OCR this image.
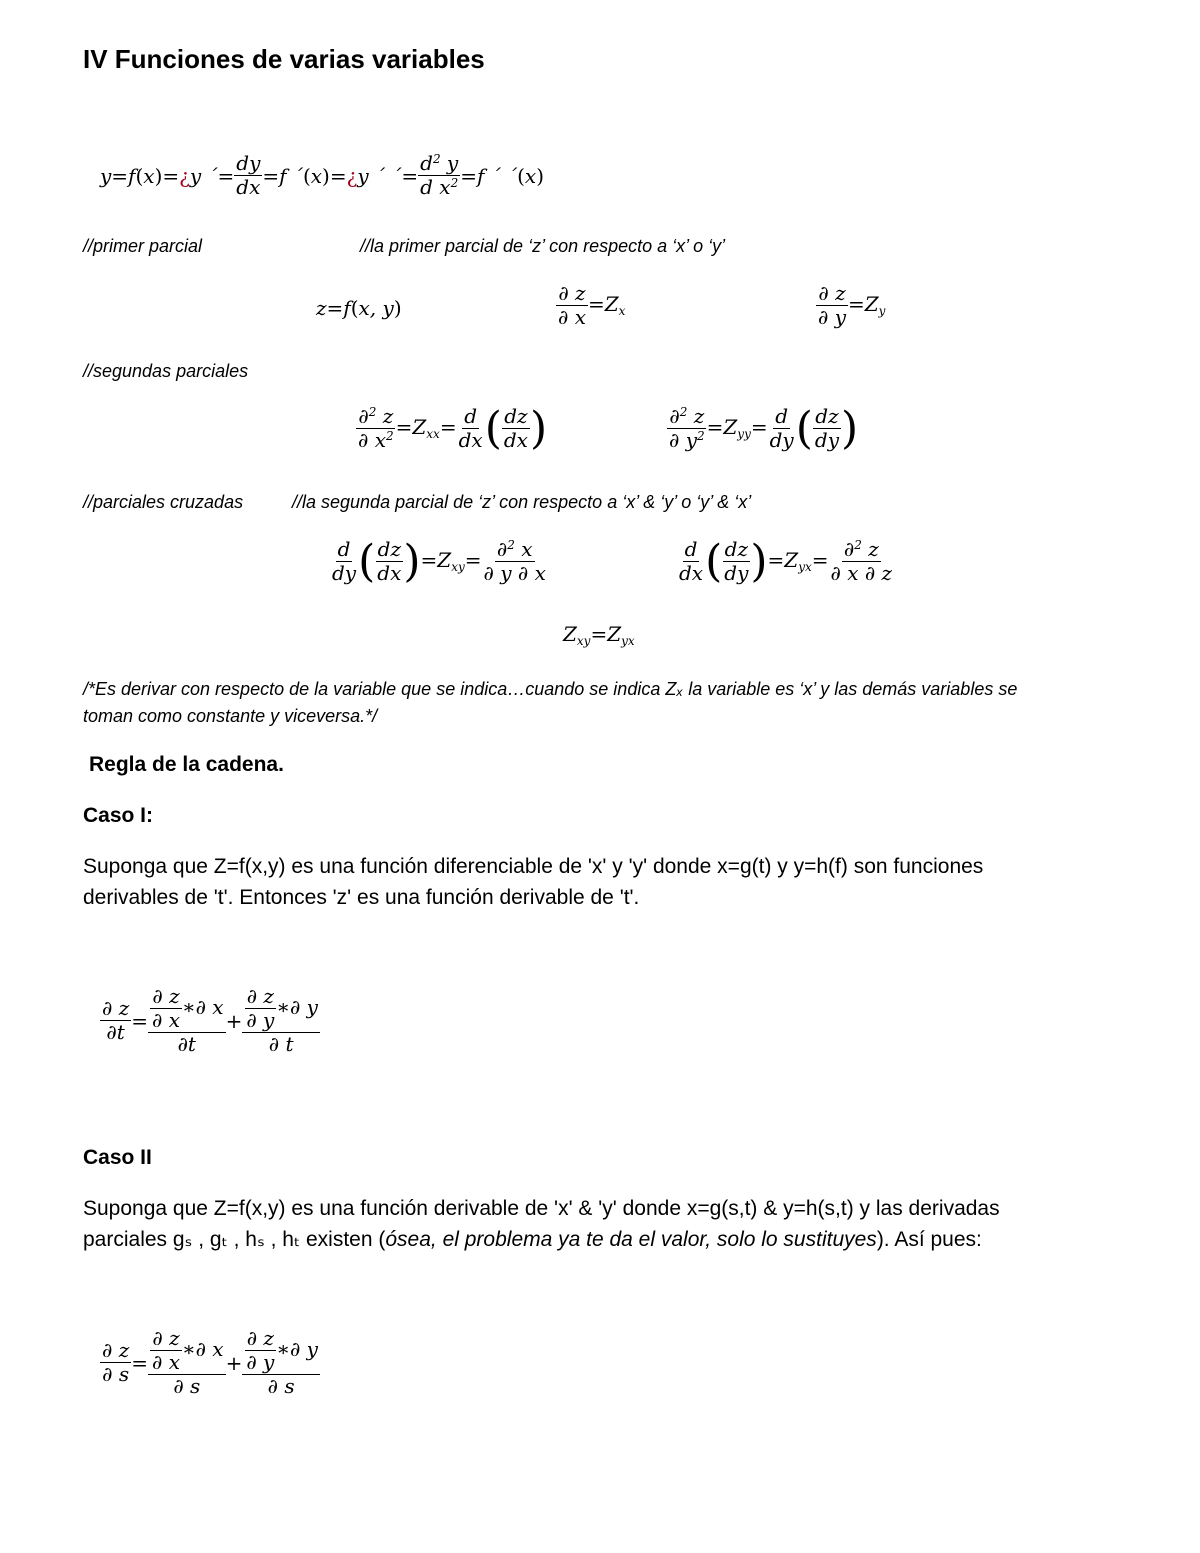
IV Funciones de varias variables
y=f ( x ) = ¿ y ´= $\frac{dy}{dx} =f$ ´ ( x ) = ¿ y ´ ´= $\frac{d^2 y}{d x^2} =f$ ´ ´ ( x )
//primer parcial	//la primer parcial de ‘z’ con respecto a ‘x’ o ‘y’
z=f(x, y)	$\frac{\partial z}{\partial x} =Z_x$	$\frac{\partial z}{\partial y} =Z_y$
//segundas parciales
$\frac{\partial^2 z}{\partial x^2} =Z_{xx}= \frac{d}{dx}$ ( $\frac{dz}{dx}$ )	$\frac{\partial^2 z}{\partial y^2} =Z_{yy}= \frac{d}{dy}$ ( $\frac{dz}{dy}$ )
//parciales cruzadas	//la segunda parcial de ‘z’ con respecto a ‘x’ & ‘y’ o ‘y’ & ‘x’
$\frac{d}{dy}$ ( $\frac{dz}{dx}$ ) $=Z_{xy}= \frac{\partial^2 x}{\partial y \partial x}$	$\frac{d}{dx}$ ( $\frac{dz}{dy}$ ) $=Z_{yx}= \frac{\partial^2 z}{\partial x \partial z}$
$Z_{xy}=Z_{yx}$
/*Es derivar con respecto de la variable que se indica…cuando se indica Zₓ la variable es ‘x’ y las demás variables se
toman como constante y viceversa.*/
Regla de la cadena.
Caso I:
Suponga que Z=f(x,y) es una función diferenciable de 'x' y 'y' donde x=g(t) y y=h(f) son funciones
derivables de 't'. Entonces 'z' es una función derivable de 't'.
$\frac{\partial z}{\partial t} = \frac{\frac{\partial z}{\partial x} ∗\partial x}{\partial t} + \frac{\frac{\partial z}{\partial y} ∗\partial y}{\partial t}$
Caso II
Suponga que Z=f(x,y) es una función derivable de 'x' & 'y' donde x=g(s,t) & y=h(s,t) y las derivadas
parciales gₛ , gₜ , hₛ , hₜ existen (ósea, el problema ya te da el valor, solo lo sustituyes). Así pues:
$\frac{\partial z}{\partial s} = \frac{\frac{\partial z}{\partial x} ∗\partial x}{\partial s} + \frac{\frac{\partial z}{\partial y} ∗\partial y}{\partial s}$
